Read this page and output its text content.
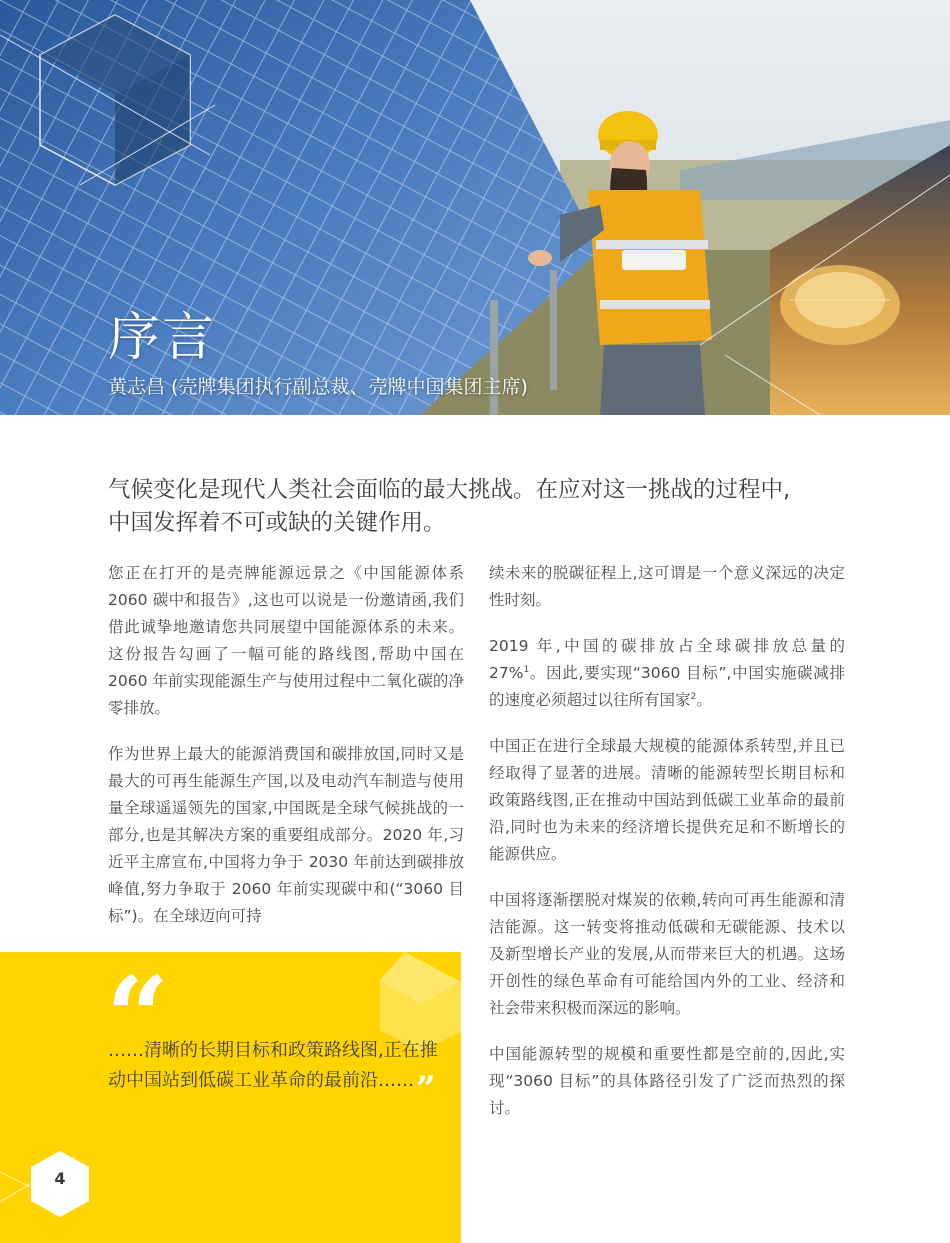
序言
黄志昌 (壳牌集团执行副总裁、壳牌中国集团主席)
气候变化是现代人类社会面临的最大挑战。在应对这一挑战的过程中,
中国发挥着不可或缺的关键作用。

您正在打开的是壳牌能源远景之《中国能源体系 2060 碳中和报告》,这也可以说是一份邀请函,我们借此诚挚地邀请您共同展望中国能源体系的未来。这份报告勾画了一幅可能的路线图,帮助中国在 2060 年前实现能源生产与使用过程中二氧化碳的净零排放。

作为世界上最大的能源消费国和碳排放国,同时又是最大的可再生能源生产国,以及电动汽车制造与使用量全球遥遥领先的国家,中国既是全球气候挑战的一部分,也是其解决方案的重要组成部分。2020 年,习近平主席宣布,中国将力争于 2030 年前达到碳排放峰值,努力争取于 2060 年前实现碳中和(“3060 目标”)。在全球迈向可持

续未来的脱碳征程上,这可谓是一个意义深远的决定性时刻。

2019 年,中国的碳排放占全球碳排放总量的 27%$^1$。因此,要实现“3060 目标”,中国实施碳减排的速度必须超过以往所有国家$^2$。

中国正在进行全球最大规模的能源体系转型,并且已经取得了显著的进展。清晰的能源转型长期目标和政策路线图,正在推动中国站到低碳工业革命的最前沿,同时也为未来的经济增长提供充足和不断增长的能源供应。

中国将逐渐摆脱对煤炭的依赖,转向可再生能源和清洁能源。这一转变将推动低碳和无碳能源、技术以及新型增长产业的发展,从而带来巨大的机遇。这场开创性的绿色革命有可能给国内外的工业、经济和社会带来积极而深远的影响。

中国能源转型的规模和重要性都是空前的,因此,实现“3060 目标”的具体路径引发了广泛而热烈的探讨。

“
……清晰的长期目标和政策路线图,正在推动中国站到低碳工业革命的最前沿……”
4
